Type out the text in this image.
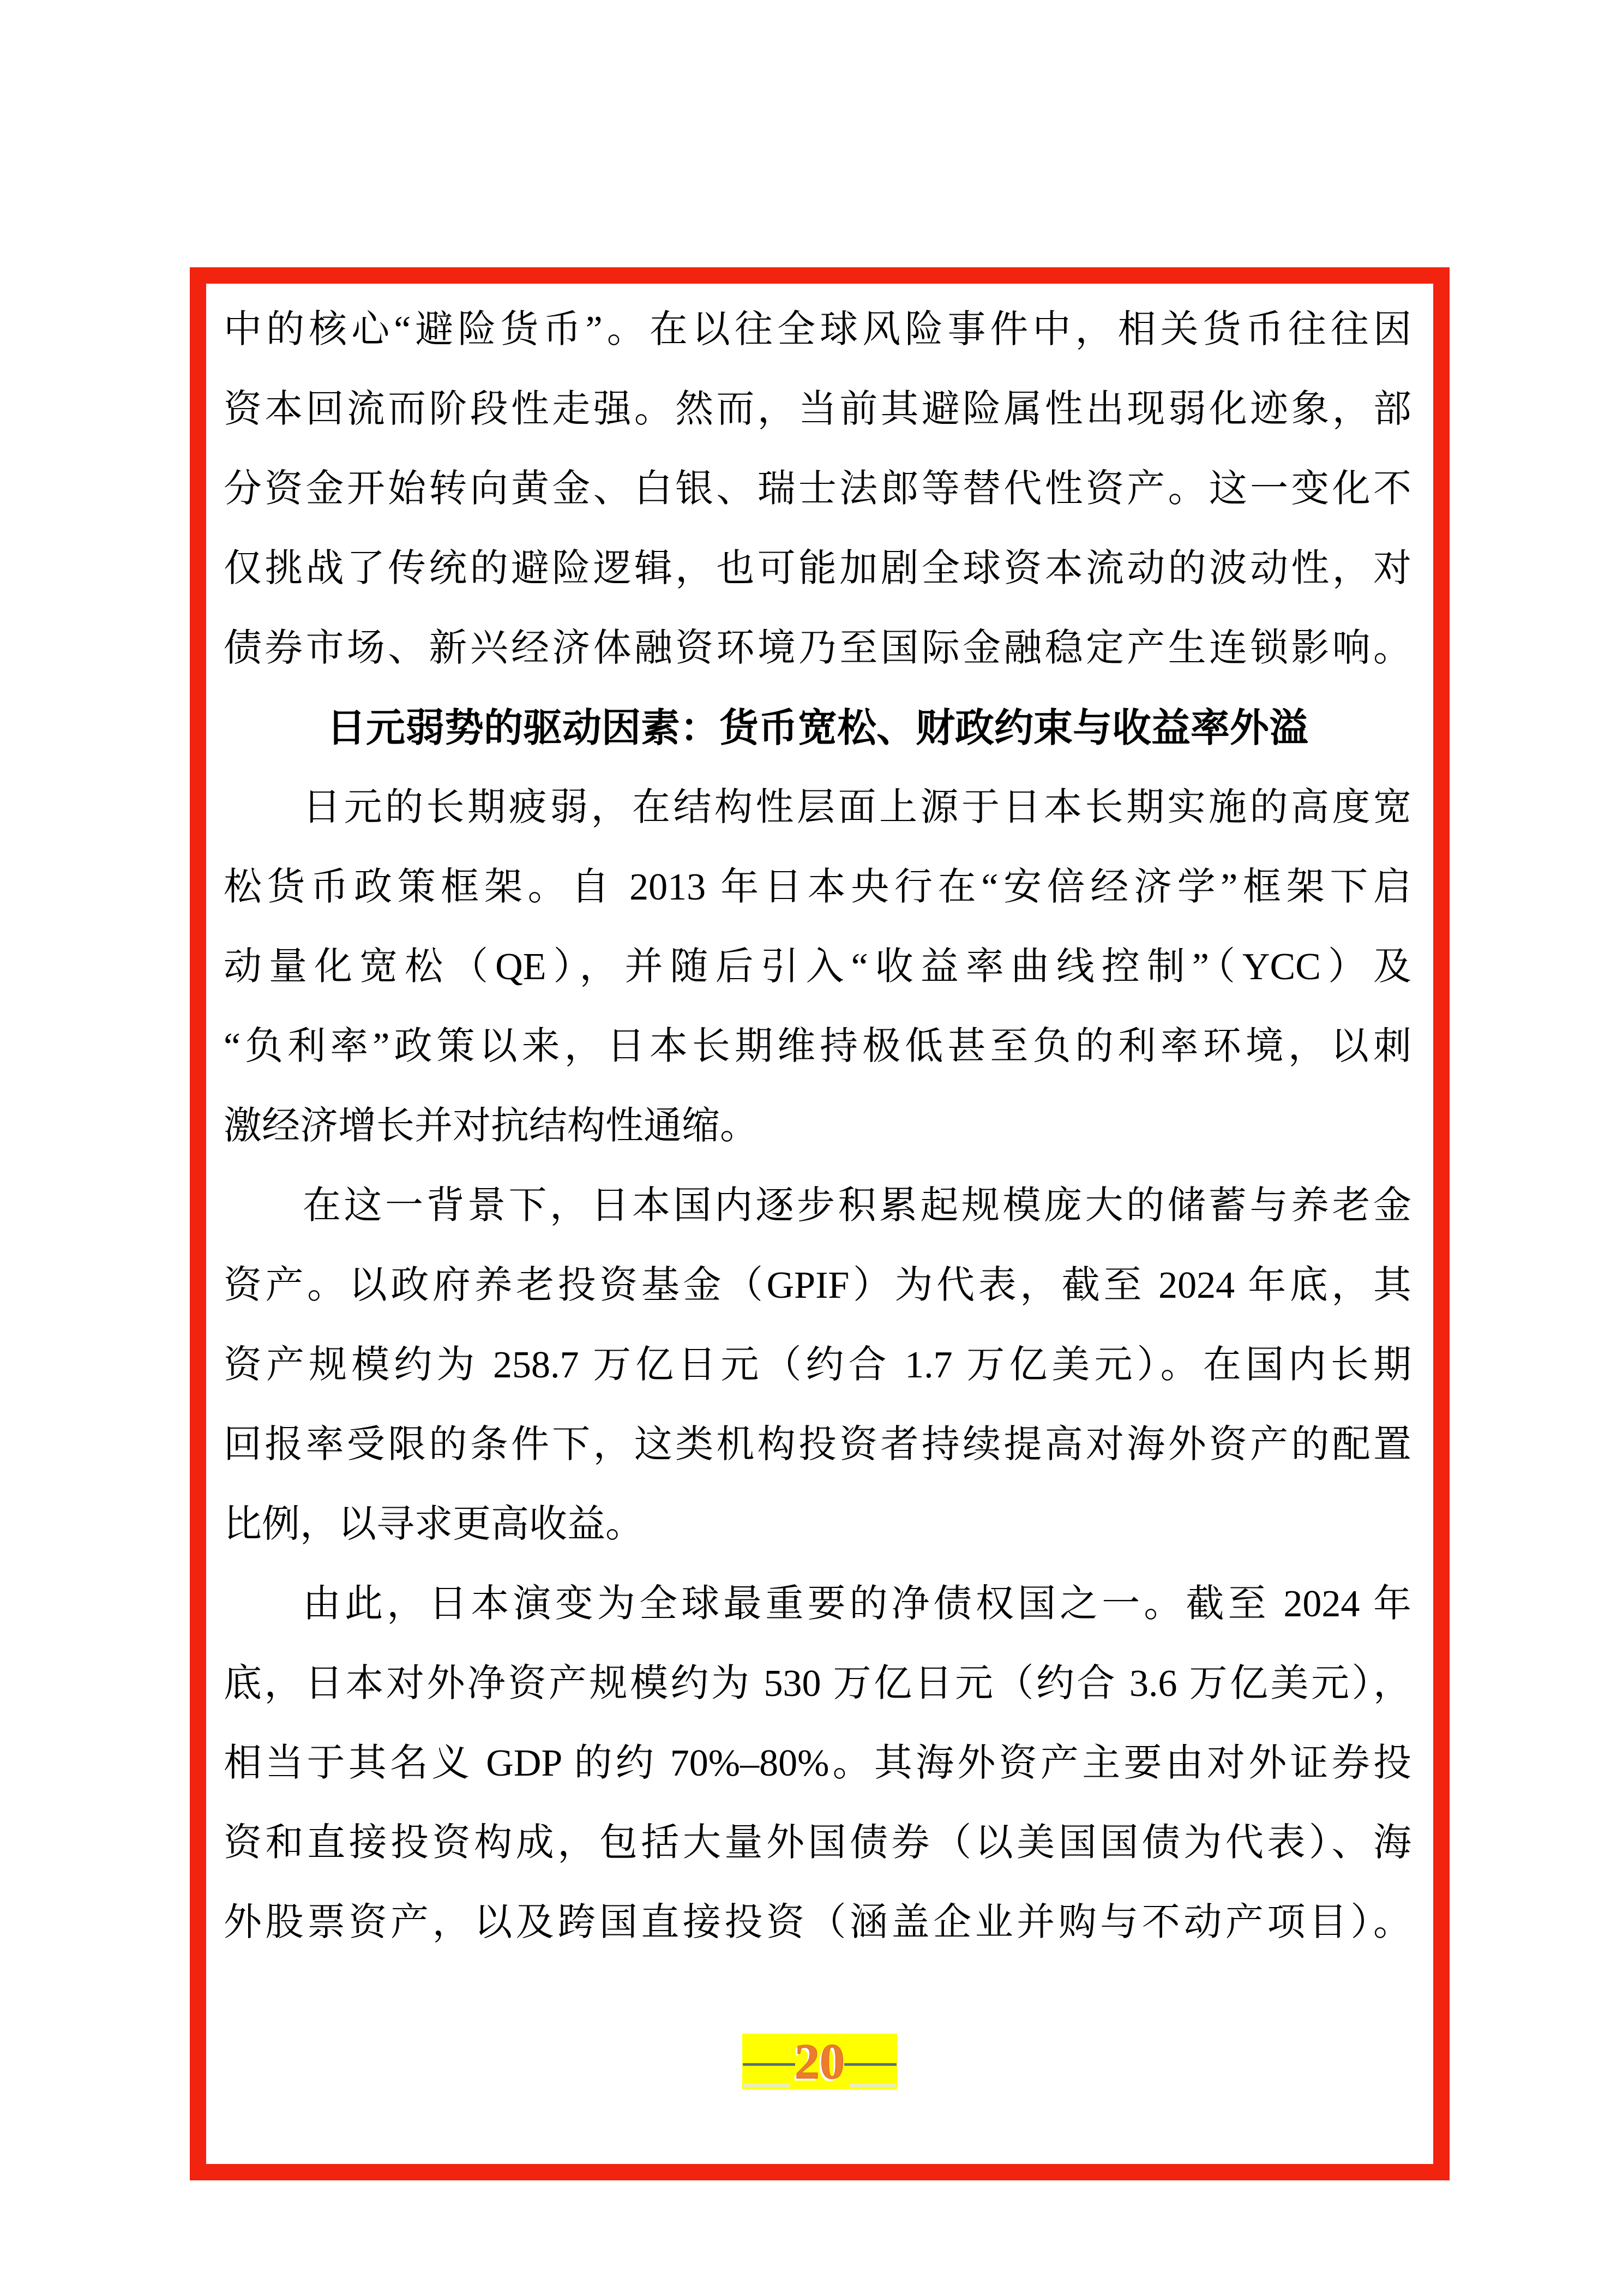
中的核心“避险货币”。在以往全球风险事件中，相关货币往往因
资本回流而阶段性走强。然而，当前其避险属性出现弱化迹象，部
分资金开始转向黄金、白银、瑞士法郎等替代性资产。这一变化不
仅挑战了传统的避险逻辑，也可能加剧全球资本流动的波动性，对
债券市场、新兴经济体融资环境乃至国际金融稳定产生连锁影响。
日元弱势的驱动因素：货币宽松、财政约束与收益率外溢
日元的长期疲弱，在结构性层面上源于日本长期实施的高度宽
松货币政策框架。自 2013 年日本央行在“安倍经济学”框架下启
动量化宽松（QE），并随后引入“收益率曲线控制”（YCC）及
“负利率”政策以来，日本长期维持极低甚至负的利率环境，以刺
激经济增长并对抗结构性通缩。
在这一背景下，日本国内逐步积累起规模庞大的储蓄与养老金
资产。以政府养老投资基金（GPIF）为代表，截至 2024 年底，其
资产规模约为 258.7 万亿日元（约合 1.7 万亿美元）。在国内长期
回报率受限的条件下，这类机构投资者持续提高对海外资产的配置
比例，以寻求更高收益。
由此，日本演变为全球最重要的净债权国之一。截至 2024 年
底，日本对外净资产规模约为 530 万亿日元（约合 3.6 万亿美元），
相当于其名义 GDP 的约 70%–80%。其海外资产主要由对外证券投
资和直接投资构成，包括大量外国债券（以美国国债为代表）、海
外股票资产，以及跨国直接投资（涵盖企业并购与不动产项目）。
— 20 —
